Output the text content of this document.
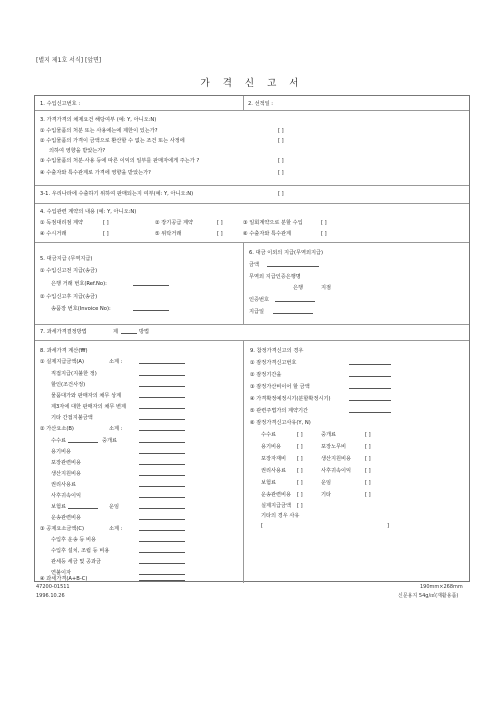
[별지 제1호 서식] [앞면]
가 격 신 고 서
1. 수입신고번호 :	2. 선적일 :
3. 가격가격의 채제요건 해당여부 (예: Y, 아니오:N)
① 수입물품의 처분 또는 사용에는에 제한이 있는가?	[ ]
② 수입물품의 가격이 금액으로 환산할 수 없는 조건 또는 사정에	[ ]
의하여 영향을 받았는가?
③ 수입물품의 처분·사용 등에 따른 이익의 일부를 판매자에게 주는가 ?	[ ]
④ 수출자와 특수관계로 가격에 영향을 받았는가?	[ ]
3-1. 우리나라에 수출하기 위하여 판매되는지 여부(예: Y, 아니오:N)	[ ]
4. 수입관련 계약의 내용 (예: Y, 아니오:N)
① 독점대리점 계약	[ ]	② 장기공급 계약	[ ]	③ 일회계약으로 분할 수입	[ ]
④ 수시거래	[ ]	⑤ 위탁거래	[ ]	⑥ 수출자와 특수관계	[ ]
5. 대금지급 (무역지급)
① 수입신고전 지급(송금)
은행 거래 번호(Ref.No):
② 수입신고후 지급(송금)
송품장 번호(Invoice No):
6. 대금 이외의 지급(무역외지급)
금액
무역외 지급인증은행명
은행	지점
인증번호
지급일
7. 과세가격결정방법	제	방법
8. 과세가격 계산(₩)
① 실제지급금액(A)	소계 :
직접지급(지불한 정)
할인(조건사정)
물품대가와 판매자의 채무 상계
제3자에 대한 판매자의 채무 변제
기타 간접지불금액
② 가산요소(B)	소계 :
수수료	중개료
용기비용
포장관련비용
생산지원비용
권리사용료
사후귀속이익
보험료	운임
운송관련비용
③ 공제요소금액(C)	소계 :
수입후 운송 등 비용
수입후 설치, 조립 등 비용
관세등 세금 및 공과금
연불이자
④ 과세가격(A+B-C)
9. 참정가격신고의 경우
① 잠정가격신고번호
② 잠정기간을
③ 잠정가산비이어 할 금액
④ 가격확정예정시기(분할확정시기)
⑤ 관련주법가의 계약기간
⑥ 잠정가격신고사유(Y, N)
수수료	[ ]	중개료	[ ]
용기비용	[ ]	포장노무비	[ ]
포장자재비 [ ]	생산지원비용	[ ]
권리사용료 [ ]	사후귀속이익	[ ]
보험료	[ ]	운임	[ ]
운송관련비용 [ ]	기타	[ ]
실제지급금액 [ ]
기타의 경우 사유
[	]
47200-01511
1996.10.26
190mm×268mm
신문용지 54g/㎡(재활용품)
